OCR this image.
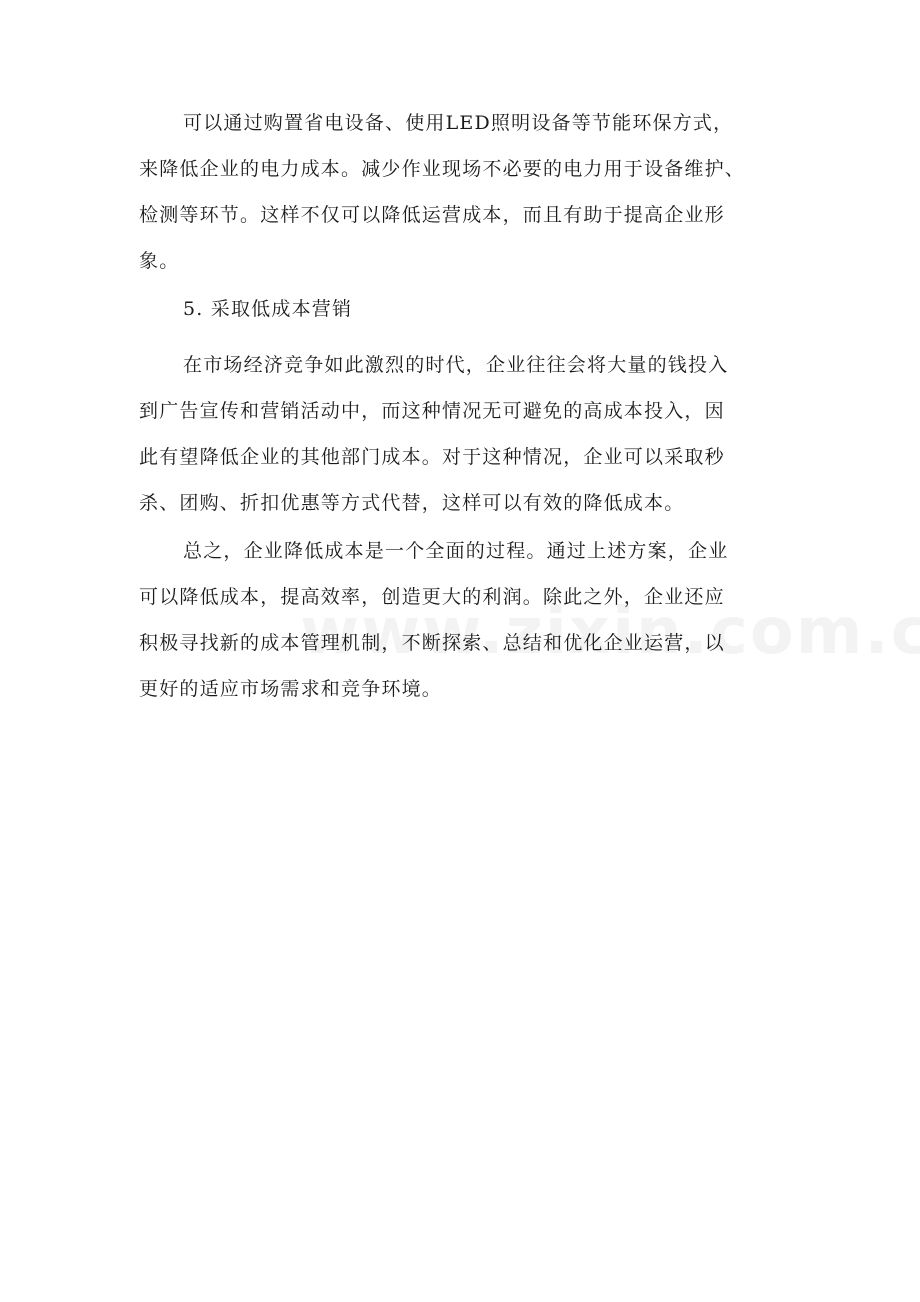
可以通过购置省电设备、使用LED照明设备等节能环保方式，
来降低企业的电力成本。减少作业现场不必要的电力用于设备维护、
检测等环节。这样不仅可以降低运营成本，而且有助于提高企业形
象。
5. 采取低成本营销
在市场经济竞争如此激烈的时代，企业往往会将大量的钱投入
到广告宣传和营销活动中，而这种情况无可避免的高成本投入，因
此有望降低企业的其他部门成本。对于这种情况，企业可以采取秒
杀、团购、折扣优惠等方式代替，这样可以有效的降低成本。
总之，企业降低成本是一个全面的过程。通过上述方案，企业
可以降低成本，提高效率，创造更大的利润。除此之外，企业还应
积极寻找新的成本管理机制，不断探索、总结和优化企业运营，以
更好的适应市场需求和竞争环境。
